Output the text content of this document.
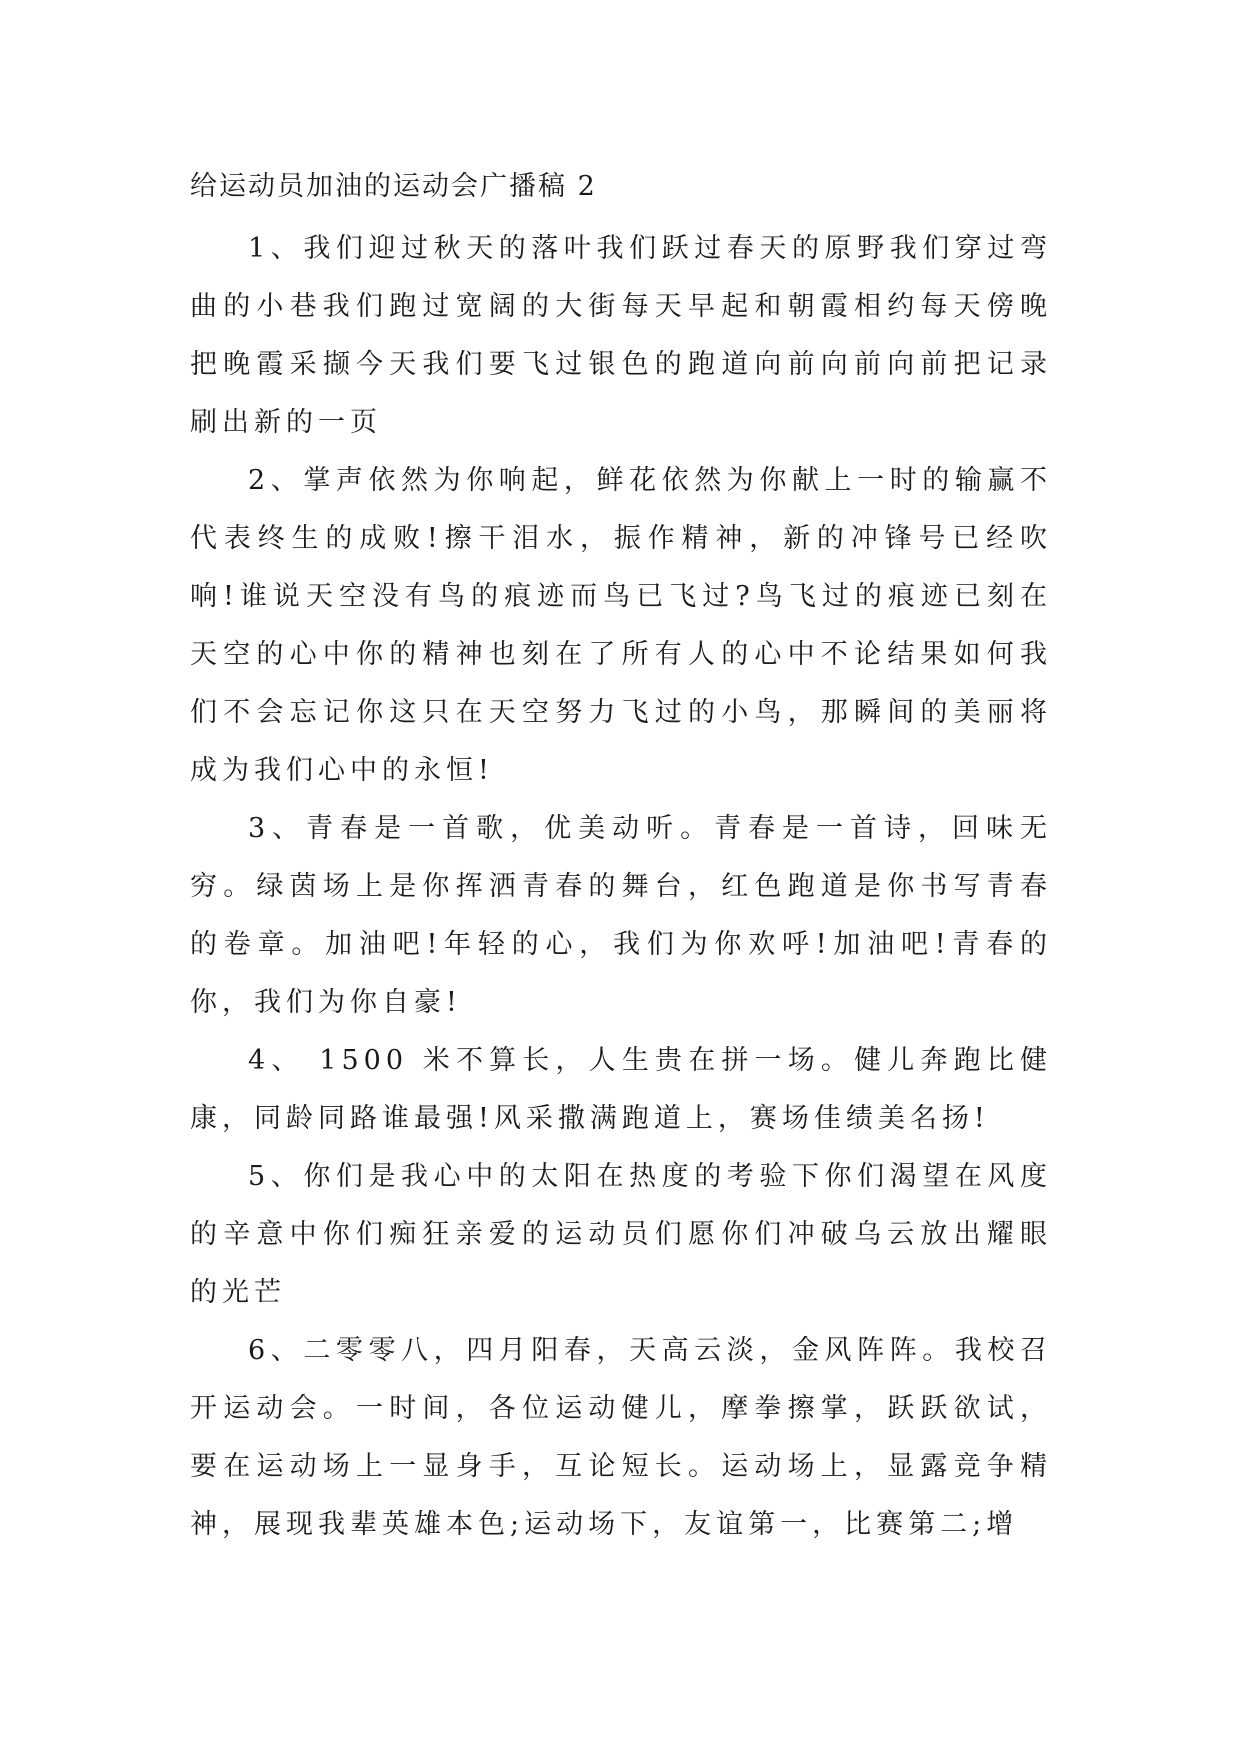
给运动员加油的运动会广播稿 2

1、我们迎过秋天的落叶我们跃过春天的原野我们穿过弯曲的小巷我们跑过宽阔的大街每天早起和朝霞相约每天傍晚把晚霞采撷今天我们要飞过银色的跑道向前向前向前把记录刷出新的一页

2、掌声依然为你响起，鲜花依然为你献上一时的输赢不代表终生的成败!擦干泪水，振作精神，新的冲锋号已经吹响!谁说天空没有鸟的痕迹而鸟已飞过?鸟飞过的痕迹已刻在天空的心中你的精神也刻在了所有人的心中不论结果如何我们不会忘记你这只在天空努力飞过的小鸟，那瞬间的美丽将成为我们心中的永恒!

3、青春是一首歌，优美动听。青春是一首诗，回味无穷。绿茵场上是你挥洒青春的舞台，红色跑道是你书写青春的卷章。加油吧!年轻的心，我们为你欢呼!加油吧!青春的你，我们为你自豪!

4、 1500 米不算长，人生贵在拼一场。健儿奔跑比健康，同龄同路谁最强!风采撒满跑道上，赛场佳绩美名扬!

5、你们是我心中的太阳在热度的考验下你们渴望在风度的辛意中你们痴狂亲爱的运动员们愿你们冲破乌云放出耀眼的光芒

6、二零零八，四月阳春，天高云淡，金风阵阵。我校召开运动会。一时间，各位运动健儿，摩拳擦掌，跃跃欲试，要在运动场上一显身手，互论短长。运动场上，显露竞争精神，展现我辈英雄本色;运动场下，友谊第一，比赛第二;增
